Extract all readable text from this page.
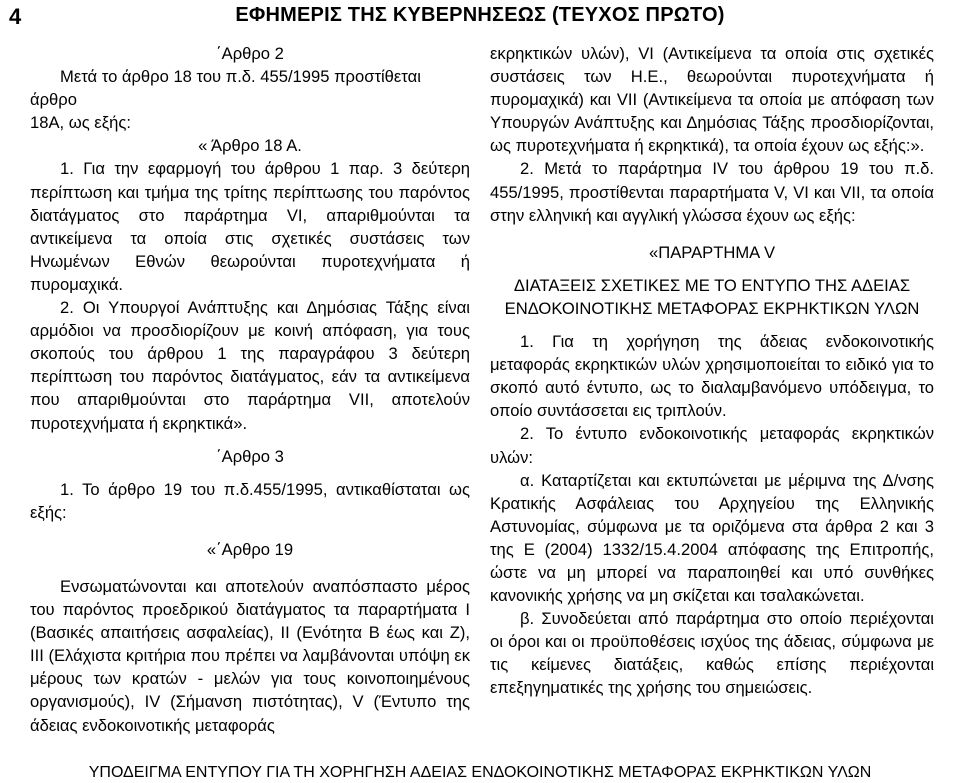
4	ΕΦΗΜΕΡΙΣ ΤΗΣ ΚΥΒΕΡΝΗΣΕΩΣ (ΤΕΥΧΟΣ ΠΡΩΤΟ)

΄Αρθρο 2

Μετά το άρθρο 18 του π.δ. 455/1995 προστίθεται άρθρο

18Α, ως εξής:

« Άρθρο 18 Α.

1. Για την εφαρμογή του άρθρου 1 παρ. 3 δεύτερη περίπτωση και τμήμα της τρίτης περίπτωσης του παρόντος διατάγματος στο παράρτημα VI, απαριθμούνται τα αντικείμενα τα οποία στις σχετικές συστάσεις των Ηνωμένων Εθνών θεωρούνται πυροτεχνήματα ή πυρομαχικά.

2. Οι Υπουργοί Ανάπτυξης και Δημόσιας Τάξης είναι αρμόδιοι να προσδιορίζουν με κοινή απόφαση, για τους σκοπούς του άρθρου 1 της παραγράφου 3 δεύτερη περίπτωση του παρόντος διατάγματος, εάν τα αντικείμενα που απαριθμούνται στο παράρτημα VII, αποτελούν πυροτεχνήματα ή εκρηκτικά».

΄Αρθρο 3

1. Το άρθρο 19 του π.δ.455/1995, αντικαθίσταται ως εξής:

«΄Αρθρο 19

Ενσωματώνονται και αποτελούν αναπόσπαστο μέρος του παρόντος προεδρικού διατάγματος τα παραρτήματα Ι (Βασικές απαιτήσεις ασφαλείας), ΙΙ (Ενότητα Β έως και Ζ), ΙΙΙ (Ελάχιστα κριτήρια που πρέπει να λαμβάνονται υπόψη εκ μέρους των κρατών - μελών για τους κοινοποιημένους οργανισμούς), IV (Σήμανση πιστότητας), V (Έντυπο της άδειας ενδοκοινοτικής μεταφοράς

εκρηκτικών υλών), VI (Αντικείμενα τα οποία στις σχετικές συστάσεις των Η.Ε., θεωρούνται πυροτεχνήματα ή πυρομαχικά) και VII (Αντικείμενα τα οποία με απόφαση των Υπουργών Ανάπτυξης και Δημόσιας Τάξης προσδιορίζονται, ως πυροτεχνήματα ή εκρηκτικά), τα οποία έχουν ως εξής:».

2. Μετά το παράρτημα IV του άρθρου 19 του π.δ. 455/1995, προστίθενται παραρτήματα V, VI και VII, τα οποία στην ελληνική και αγγλική γλώσσα έχουν ως εξής:

«ΠΑΡΑΡΤΗΜΑ V

ΔΙΑΤΑΞΕΙΣ ΣΧΕΤΙΚΕΣ ΜΕ ΤΟ ΕΝΤΥΠΟ ΤΗΣ ΑΔΕΙΑΣ

ΕΝΔΟΚΟΙΝΟΤΙΚΗΣ ΜΕΤΑΦΟΡΑΣ ΕΚΡΗΚΤΙΚΩΝ ΥΛΩΝ

1. Για τη χορήγηση της άδειας ενδοκοινοτικής μεταφοράς εκρηκτικών υλών χρησιμοποιείται το ειδικό για το σκοπό αυτό έντυπο, ως το διαλαμβανόμενο υπόδειγμα, το οποίο συντάσσεται εις τριπλούν.

2. Το έντυπο ενδοκοινοτικής μεταφοράς εκρηκτικών υλών:

α. Καταρτίζεται και εκτυπώνεται με μέριμνα της Δ/νσης Κρατικής Ασφάλειας του Αρχηγείου της Ελληνικής Αστυνομίας, σύμφωνα με τα οριζόμενα στα άρθρα 2 και 3 της Ε (2004) 1332/15.4.2004 απόφασης της Επιτροπής, ώστε να μη μπορεί να παραποιηθεί και υπό συνθήκες κανονικής χρήσης να μη σκίζεται και τσαλακώνεται.

β. Συνοδεύεται από παράρτημα στο οποίο περιέχονται οι όροι και οι προϋποθέσεις ισχύος της άδειας, σύμφωνα με τις κείμενες διατάξεις, καθώς επίσης περιέχονται επεξηγηματικές της χρήσης του σημειώσεις.

ΥΠΟΔΕΙΓΜΑ ΕΝΤΥΠΟΥ ΓΙΑ ΤΗ ΧΟΡΗΓΗΣΗ ΑΔΕΙΑΣ ΕΝΔΟΚΟΙΝΟΤΙΚΗΣ ΜΕΤΑΦΟΡΑΣ ΕΚΡΗΚΤΙΚΩΝ ΥΛΩΝ
